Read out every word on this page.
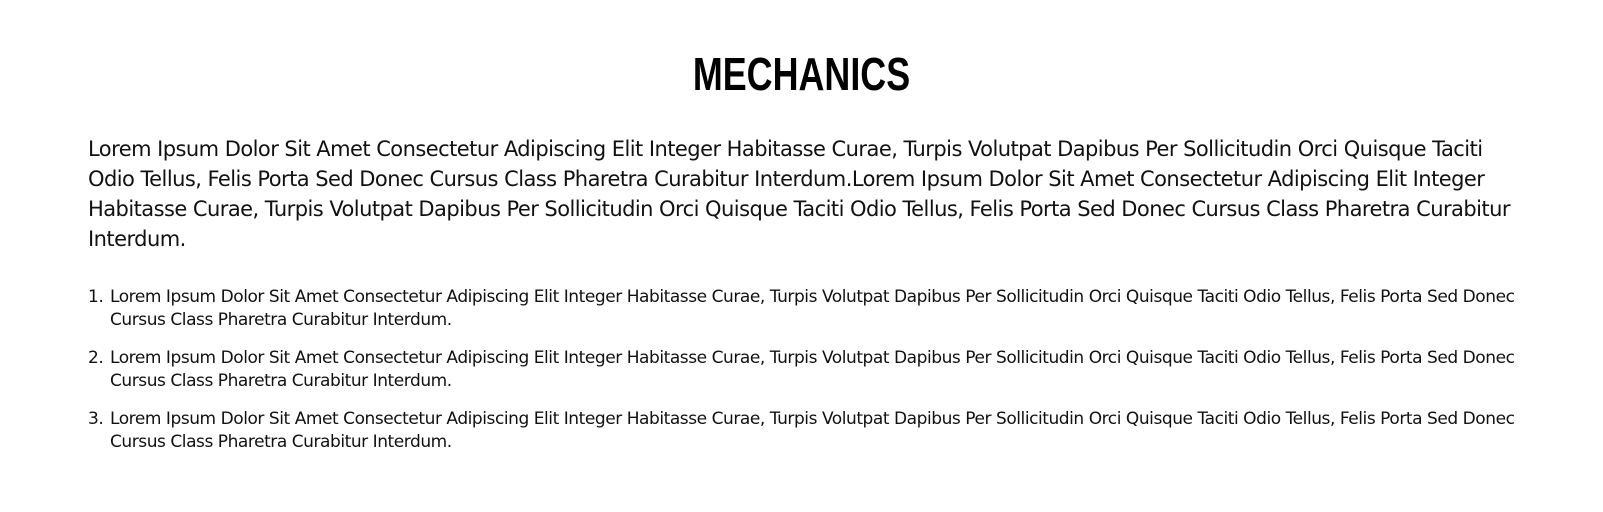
MECHANICS

Lorem Ipsum Dolor Sit Amet Consectetur Adipiscing Elit Integer Habitasse Curae, Turpis Volutpat Dapibus Per Sollicitudin Orci Quisque Taciti Odio Tellus, Felis Porta Sed Donec Cursus Class Pharetra Curabitur Interdum.Lorem Ipsum Dolor Sit Amet Consectetur Adipiscing Elit Integer Habitasse Curae, Turpis Volutpat Dapibus Per Sollicitudin Orci Quisque Taciti Odio Tellus, Felis Porta Sed Donec Cursus Class Pharetra Curabitur Interdum.

1. Lorem Ipsum Dolor Sit Amet Consectetur Adipiscing Elit Integer Habitasse Curae, Turpis Volutpat Dapibus Per Sollicitudin Orci Quisque Taciti Odio Tellus, Felis Porta Sed Donec Cursus Class Pharetra Curabitur Interdum.
2. Lorem Ipsum Dolor Sit Amet Consectetur Adipiscing Elit Integer Habitasse Curae, Turpis Volutpat Dapibus Per Sollicitudin Orci Quisque Taciti Odio Tellus, Felis Porta Sed Donec Cursus Class Pharetra Curabitur Interdum.
3. Lorem Ipsum Dolor Sit Amet Consectetur Adipiscing Elit Integer Habitasse Curae, Turpis Volutpat Dapibus Per Sollicitudin Orci Quisque Taciti Odio Tellus, Felis Porta Sed Donec Cursus Class Pharetra Curabitur Interdum.
